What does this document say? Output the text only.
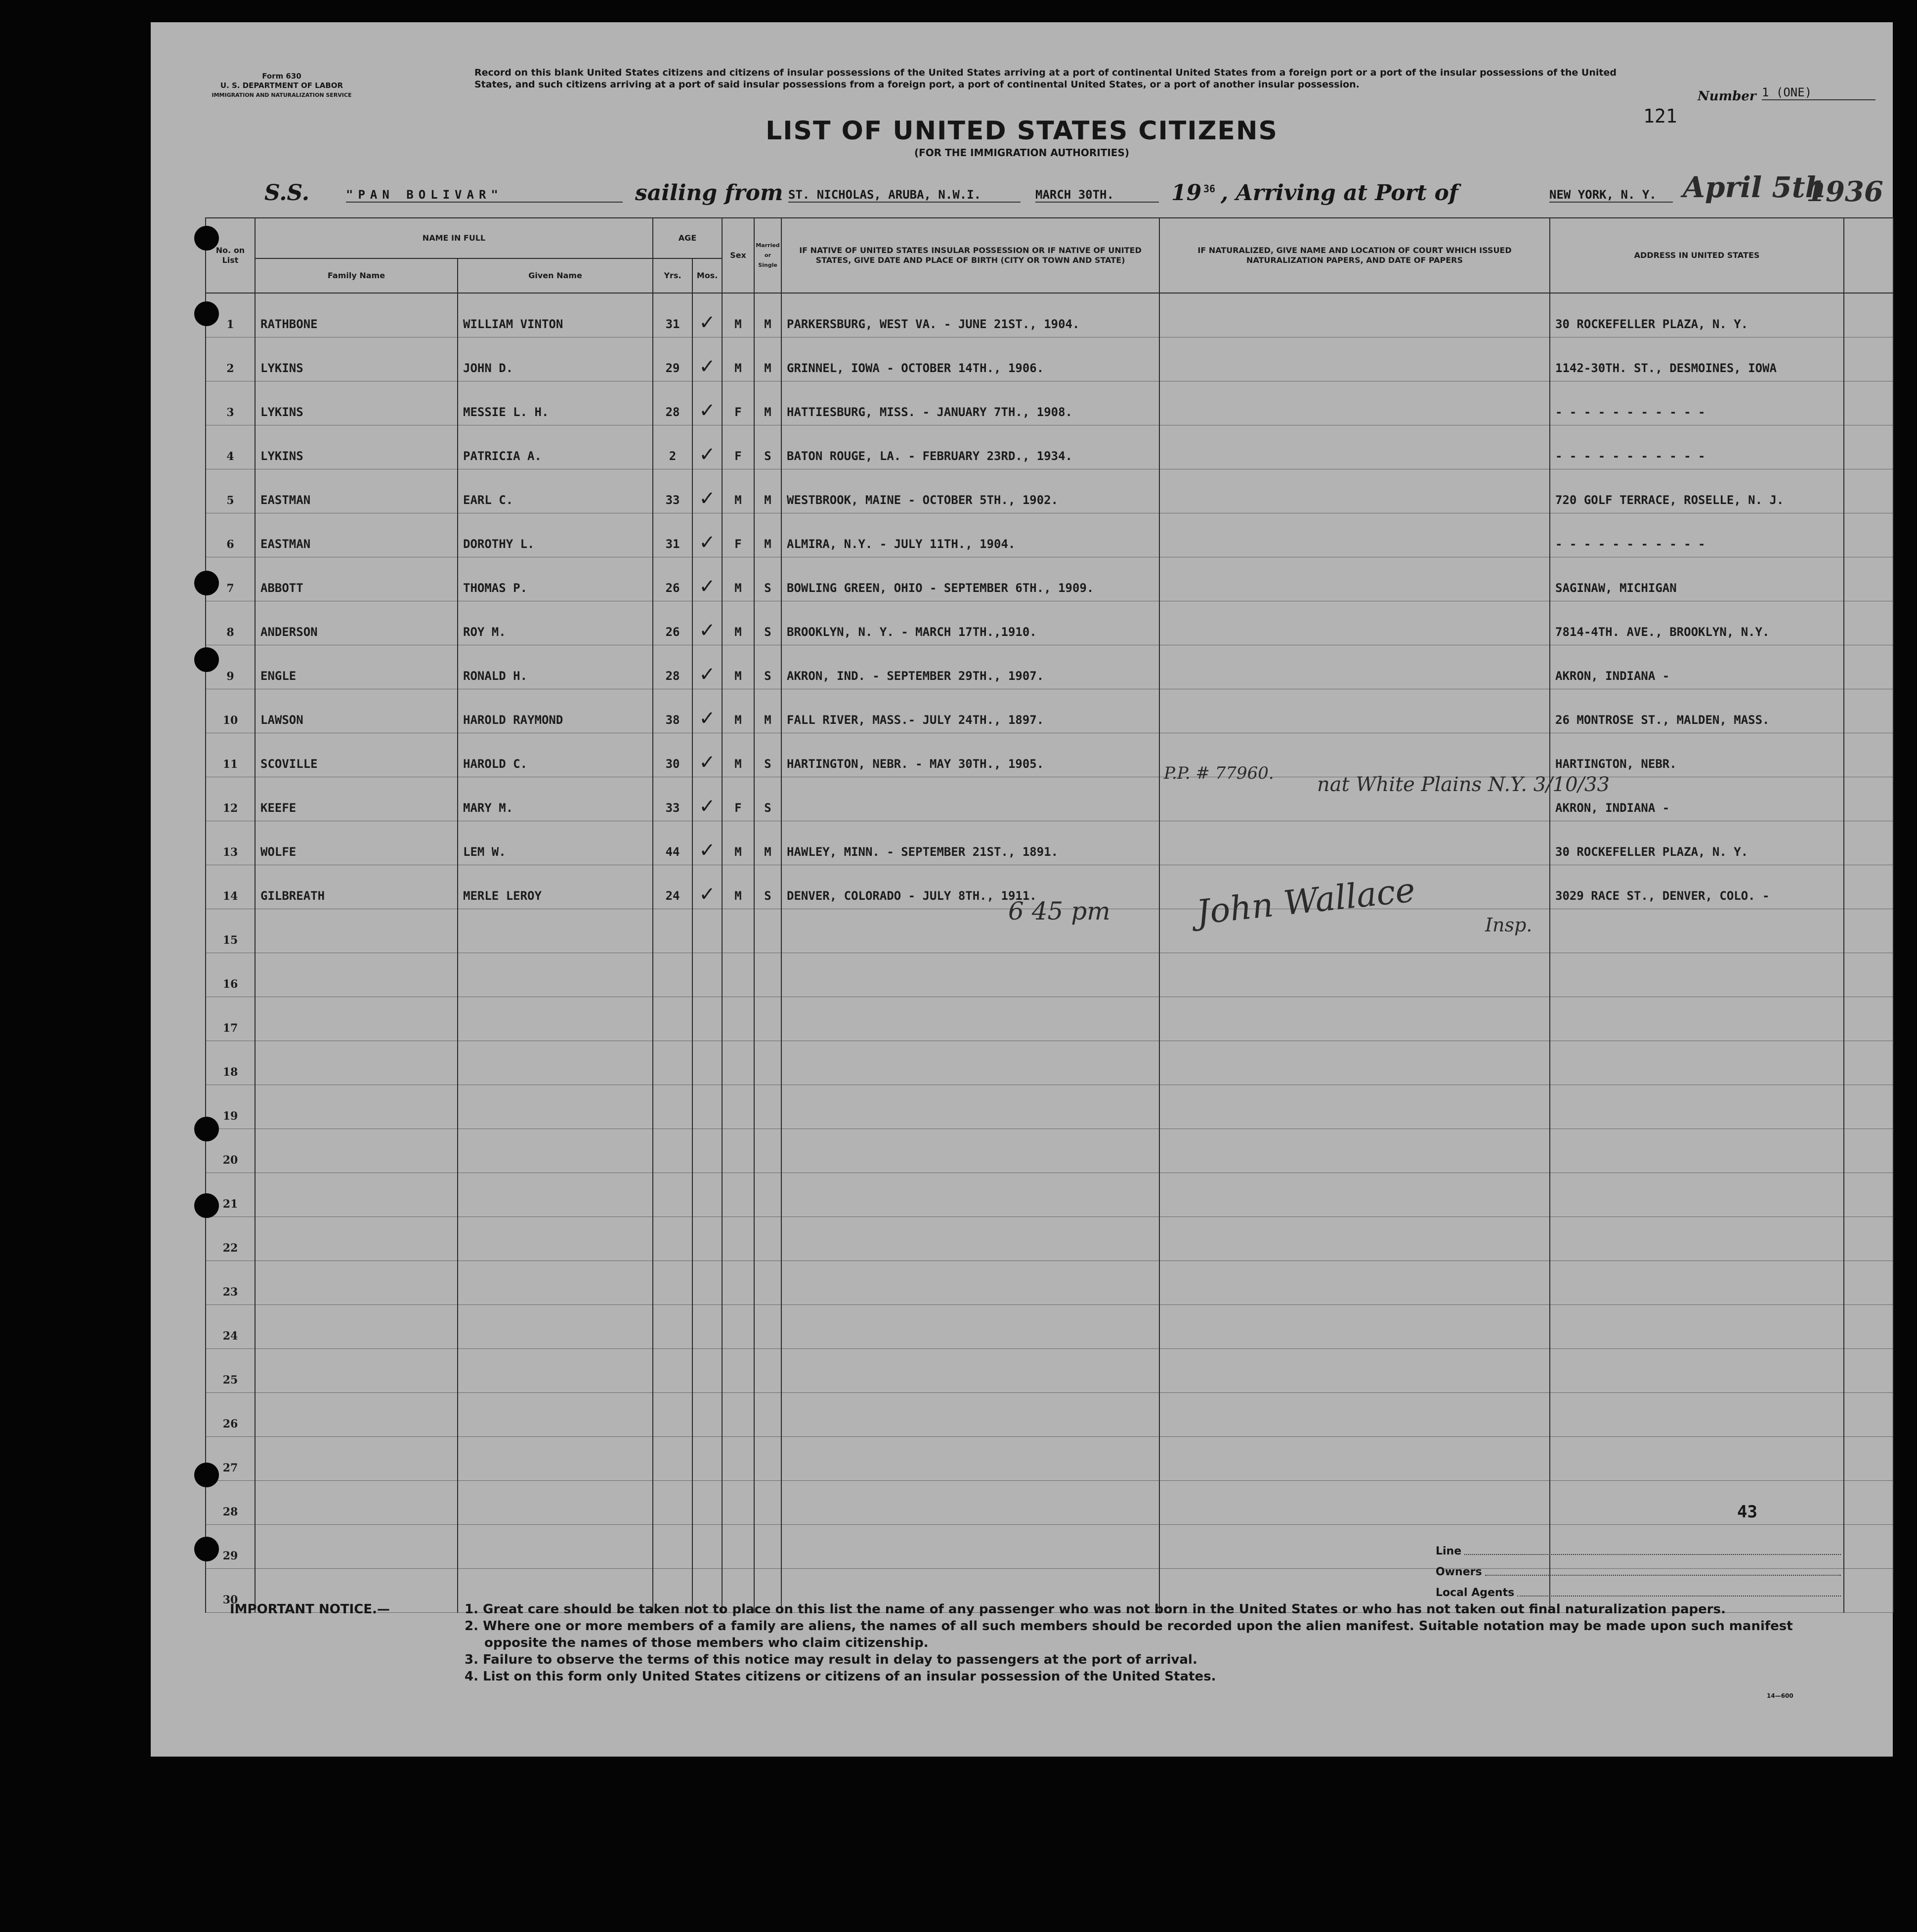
Form 630
U. S. DEPARTMENT OF LABOR
IMMIGRATION AND NATURALIZATION SERVICE
Record on this blank United States citizens and citizens of insular possessions of the United States arriving at a port of continental United States from a foreign port or a port of the insular possessions of the United States, and such citizens arriving at a port of said insular possessions from a foreign port, a port of continental United States, or a port of another insular possession.
Number 1 (ONE)
121
LIST OF UNITED STATES CITIZENS
(FOR THE IMMIGRATION AUTHORITIES)
S.S.	"PAN BOLIVAR"	sailing from ST. NICHOLAS, ARUBA, N.W.I.	MARCH 30TH.	19 36 , Arriving at Port of	NEW YORK, N. Y. April 5th
1936
No. on List	NAME IN FULL		AGE		Sex	Married or Single	IF NATIVE OF UNITED STATES INSULAR POSSESSION OR IF NATIVE OF UNITED STATES, GIVE DATE AND PLACE OF BIRTH (CITY OR TOWN AND STATE)	IF NATURALIZED, GIVE NAME AND LOCATION OF COURT WHICH ISSUED NATURALIZATION PAPERS, AND DATE OF PAPERS	ADDRESS IN UNITED STATES	
	Family Name	Given Name	Yrs.	Mos.						
1	RATHBONE	WILLIAM VINTON	31	✓	M	M	PARKERSBURG, WEST VA. - JUNE 21ST., 1904.		30 ROCKEFELLER PLAZA, N. Y.	
2	LYKINS	JOHN D.	29	✓	M	M	GRINNEL, IOWA - OCTOBER 14TH., 1906.		1142-30TH. ST., DESMOINES, IOWA	
3	LYKINS	MESSIE L. H.	28	✓	F	M	HATTIESBURG, MISS. - JANUARY 7TH., 1908.		- - - - - - - - - - -	
4	LYKINS	PATRICIA A.	2	✓	F	S	BATON ROUGE, LA. - FEBRUARY 23RD., 1934.		- - - - - - - - - - -	
5	EASTMAN	EARL C.	33	✓	M	M	WESTBROOK, MAINE - OCTOBER 5TH., 1902.		720 GOLF TERRACE, ROSELLE, N. J.	
6	EASTMAN	DOROTHY L.	31	✓	F	M	ALMIRA, N.Y. - JULY 11TH., 1904.		- - - - - - - - - - -	
7	ABBOTT	THOMAS P.	26	✓	M	S	BOWLING GREEN, OHIO - SEPTEMBER 6TH., 1909.		SAGINAW, MICHIGAN	
8	ANDERSON	ROY M.	26	✓	M	S	BROOKLYN, N. Y. - MARCH 17TH.,1910.		7814-4TH. AVE., BROOKLYN, N.Y.	
9	ENGLE	RONALD H.	28	✓	M	S	AKRON, IND. - SEPTEMBER 29TH., 1907.		AKRON, INDIANA -	
10	LAWSON	HAROLD RAYMOND	38	✓	M	M	FALL RIVER, MASS.- JULY 24TH., 1897.		26 MONTROSE ST., MALDEN, MASS.	
11	SCOVILLE	HAROLD C.	30	✓	M	S	HARTINGTON, NEBR. - MAY 30TH., 1905.		HARTINGTON, NEBR.	
12	KEEFE	MARY M.	33	✓	F	S			AKRON, INDIANA -	
13	WOLFE	LEM W.	44	✓	M	M	HAWLEY, MINN. - SEPTEMBER 21ST., 1891.		30 ROCKEFELLER PLAZA, N. Y.	
14	GILBREATH	MERLE LEROY	24	✓	M	S	DENVER, COLORADO - JULY 8TH., 1911.		3029 RACE ST., DENVER, COLO. -	
15										
16										
17										
18										
19										
20										
21										
22										
23										
24										
25										
26										
27										
28										
29										
30										
P.P. # 77960. nat White Plains N.Y. 3/10/33
6 45 pm	John Wallace	Insp.
43
Line
Owners
Local Agents
IMPORTANT NOTICE.—	1. Great care should be taken not to place on this list the name of any passenger who was not born in the United States or who has not taken out final naturalization papers.
2. Where one or more members of a family are aliens, the names of all such members should be recorded upon the alien manifest. Suitable notation may be made upon such manifest opposite the names of those members who claim citizenship.
3. Failure to observe the terms of this notice may result in delay to passengers at the port of arrival.
4. List on this form only United States citizens or citizens of an insular possession of the United States.
14—600
